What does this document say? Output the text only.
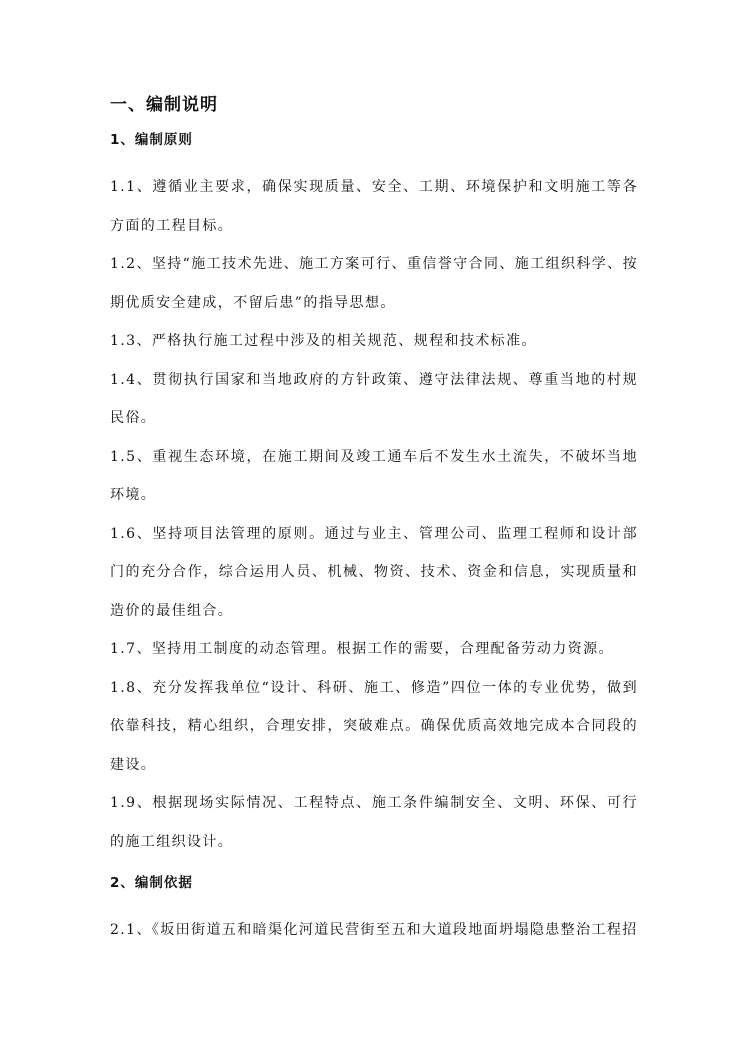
一、编制说明
1、编制原则

1.1、遵循业主要求，确保实现质量、安全、工期、环境保护和文明施工等各方面的工程目标。

1.2、坚持“施工技术先进、施工方案可行、重信誉守合同、施工组织科学、按期优质安全建成，不留后患”的指导思想。

1.3、严格执行施工过程中涉及的相关规范、规程和技术标准。

1.4、贯彻执行国家和当地政府的方针政策、遵守法律法规、尊重当地的村规民俗。

1.5、重视生态环境，在施工期间及竣工通车后不发生水土流失，不破坏当地环境。

1.6、坚持项目法管理的原则。通过与业主、管理公司、监理工程师和设计部门的充分合作，综合运用人员、机械、物资、技术、资金和信息，实现质量和造价的最佳组合。

1.7、坚持用工制度的动态管理。根据工作的需要，合理配备劳动力资源。

1.8、充分发挥我单位“设计、科研、施工、修造”四位一体的专业优势，做到依靠科技，精心组织，合理安排，突破难点。确保优质高效地完成本合同段的建设。

1.9、根据现场实际情况、工程特点、施工条件编制安全、文明、环保、可行的施工组织设计。

2、编制依据

2.1、《坂田街道五和暗渠化河道民营街至五和大道段地面坍塌隐患整治工程招
